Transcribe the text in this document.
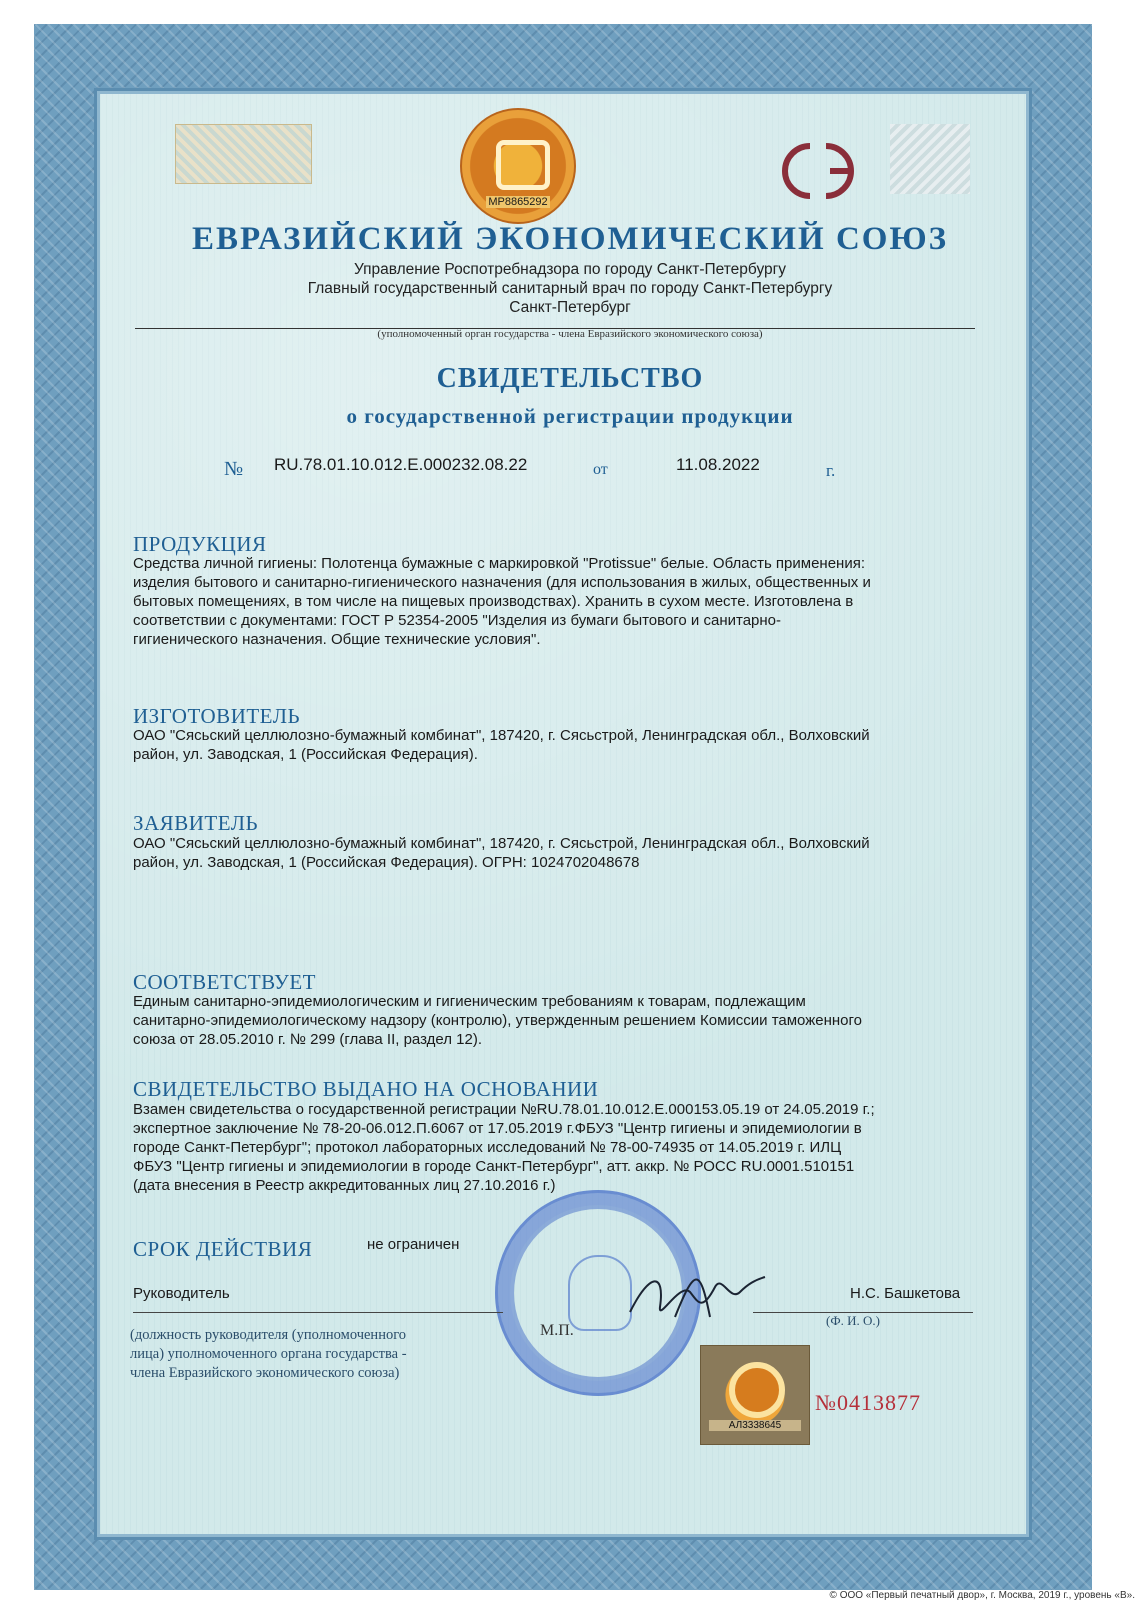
MP8865292
ЕВРАЗИЙСКИЙ ЭКОНОМИЧЕСКИЙ СОЮЗ
Управление Роспотребнадзора по городу Санкт-Петербургу
Главный государственный санитарный врач по городу Санкт-Петербургу
Санкт-Петербург
(уполномоченный орган государства - члена Евразийского экономического союза)
СВИДЕТЕЛЬСТВО
о государственной регистрации продукции
№ RU.78.01.10.012.E.000232.08.22	от	11.08.2022	г.
ПРОДУКЦИЯ
Средства личной гигиены: Полотенца бумажные с маркировкой "Protissue" белые. Область применения:
изделия бытового и санитарно-гигиенического назначения (для использования в жилых, общественных и
бытовых помещениях, в том числе на пищевых производствах). Хранить в сухом месте. Изготовлена в
соответствии с документами: ГОСТ Р 52354-2005 "Изделия из бумаги бытового и санитарно-
гигиенического назначения. Общие технические условия".
ИЗГОТОВИТЕЛЬ
ОАО "Сясьский целлюлозно-бумажный комбинат", 187420, г. Сясьстрой, Ленинградская обл., Волховский
район, ул. Заводская, 1 (Российская Федерация).
ЗАЯВИТЕЛЬ
ОАО "Сясьский целлюлозно-бумажный комбинат", 187420, г. Сясьстрой, Ленинградская обл., Волховский
район, ул. Заводская, 1 (Российская Федерация). ОГРН: 1024702048678
СООТВЕТСТВУЕТ
Единым санитарно-эпидемиологическим и гигиеническим требованиям к товарам, подлежащим
санитарно-эпидемиологическому надзору (контролю), утвержденным решением Комиссии таможенного
союза от 28.05.2010 г. № 299 (глава II, раздел 12).
СВИДЕТЕЛЬСТВО ВЫДАНО НА ОСНОВАНИИ
Взамен свидетельства о государственной регистрации №RU.78.01.10.012.E.000153.05.19 от 24.05.2019 г.;
экспертное заключение № 78-20-06.012.П.6067 от 17.05.2019 г.ФБУЗ "Центр гигиены и эпидемиологии в
городе Санкт-Петербург"; протокол лабораторных исследований № 78-00-74935 от 14.05.2019 г. ИЛЦ
ФБУЗ "Центр гигиены и эпидемиологии в городе Санкт-Петербург", атт. аккр. № РОСС RU.0001.510151
(дата внесения в Реестр аккредитованных лиц 27.10.2016 г.)
СРОК ДЕЙСТВИЯ	не ограничен
Руководитель
М.П.
Н.С. Башкетова
(Ф. И. О.)
(должность руководителя (уполномоченного
лица) уполномоченного органа государства -
члена Евразийского экономического союза)
АЛ3338645
№0413877
© ООО «Первый печатный двор», г. Москва, 2019 г., уровень «В».
